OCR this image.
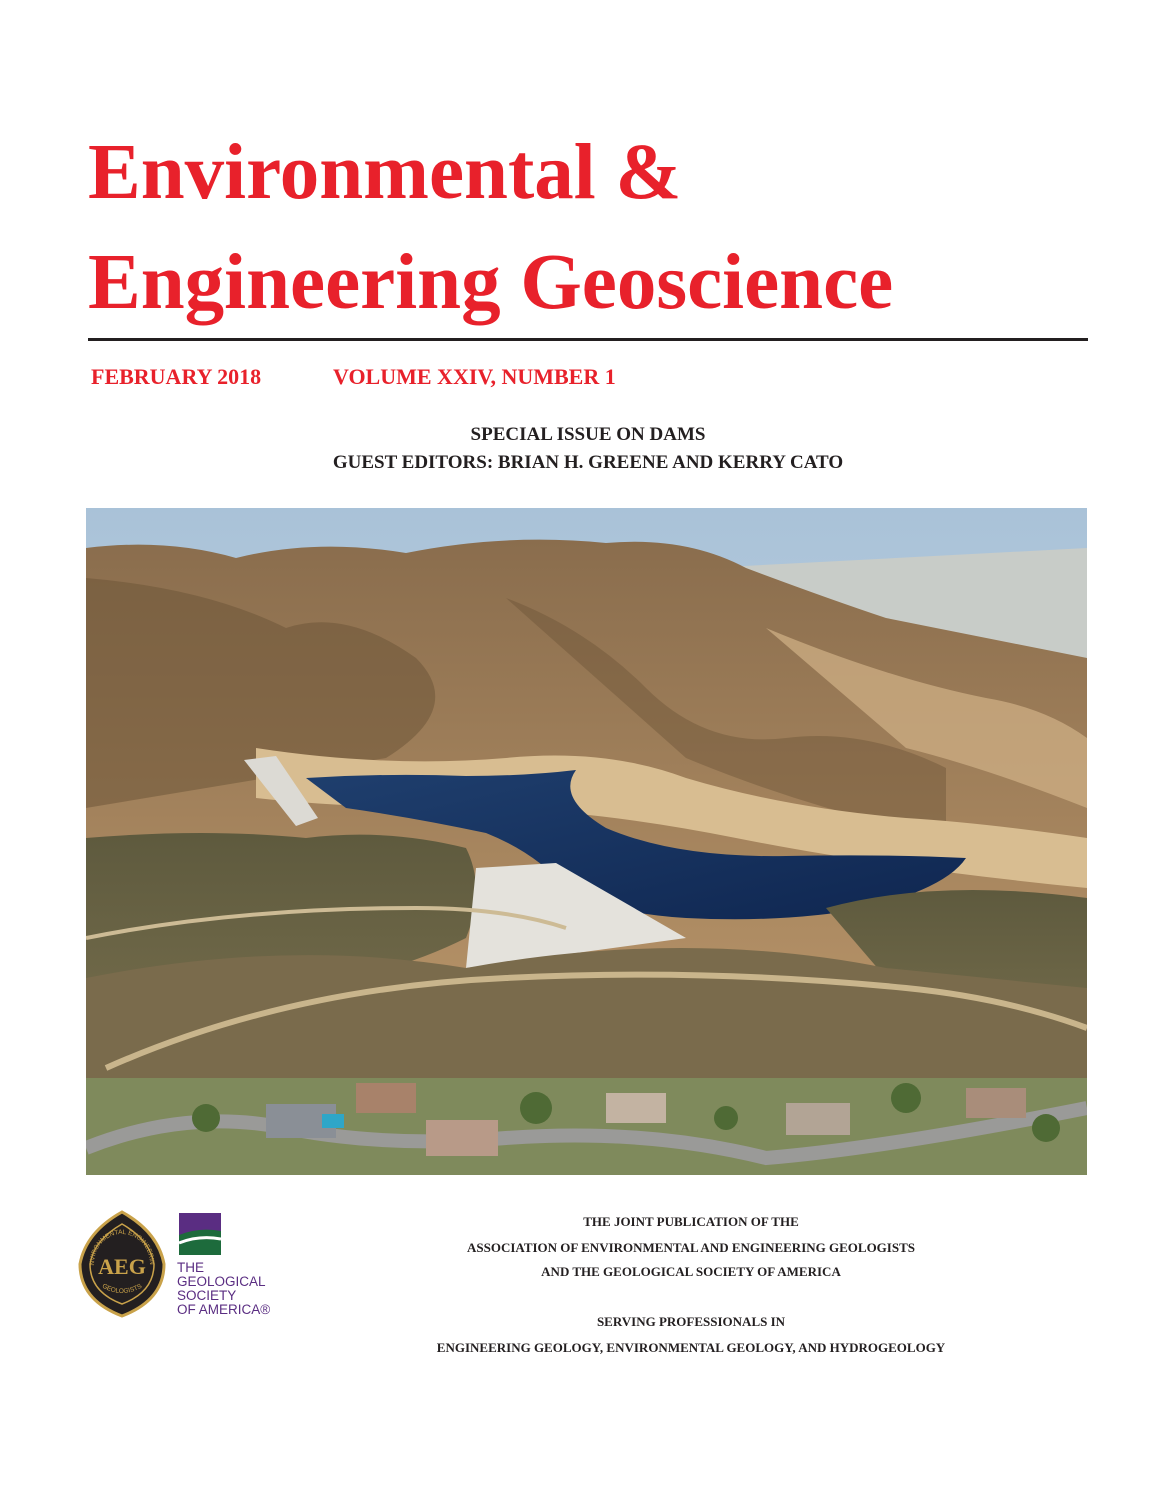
Environmental &
Engineering Geoscience
FEBRUARY 2018	VOLUME XXIV, NUMBER 1
SPECIAL ISSUE ON DAMS
GUEST EDITORS: BRIAN H. GREENE AND KERRY CATO
NVIRONMENTAL ENGINEERIN
GEOLOGISTS
AEG THE
GEOLOGICAL
SOCIETY
OF AMERICA®
THE JOINT PUBLICATION OF THE
ASSOCIATION OF ENVIRONMENTAL AND ENGINEERING GEOLOGISTS
AND THE GEOLOGICAL SOCIETY OF AMERICA
SERVING PROFESSIONALS IN
ENGINEERING GEOLOGY, ENVIRONMENTAL GEOLOGY, AND HYDROGEOLOGY
